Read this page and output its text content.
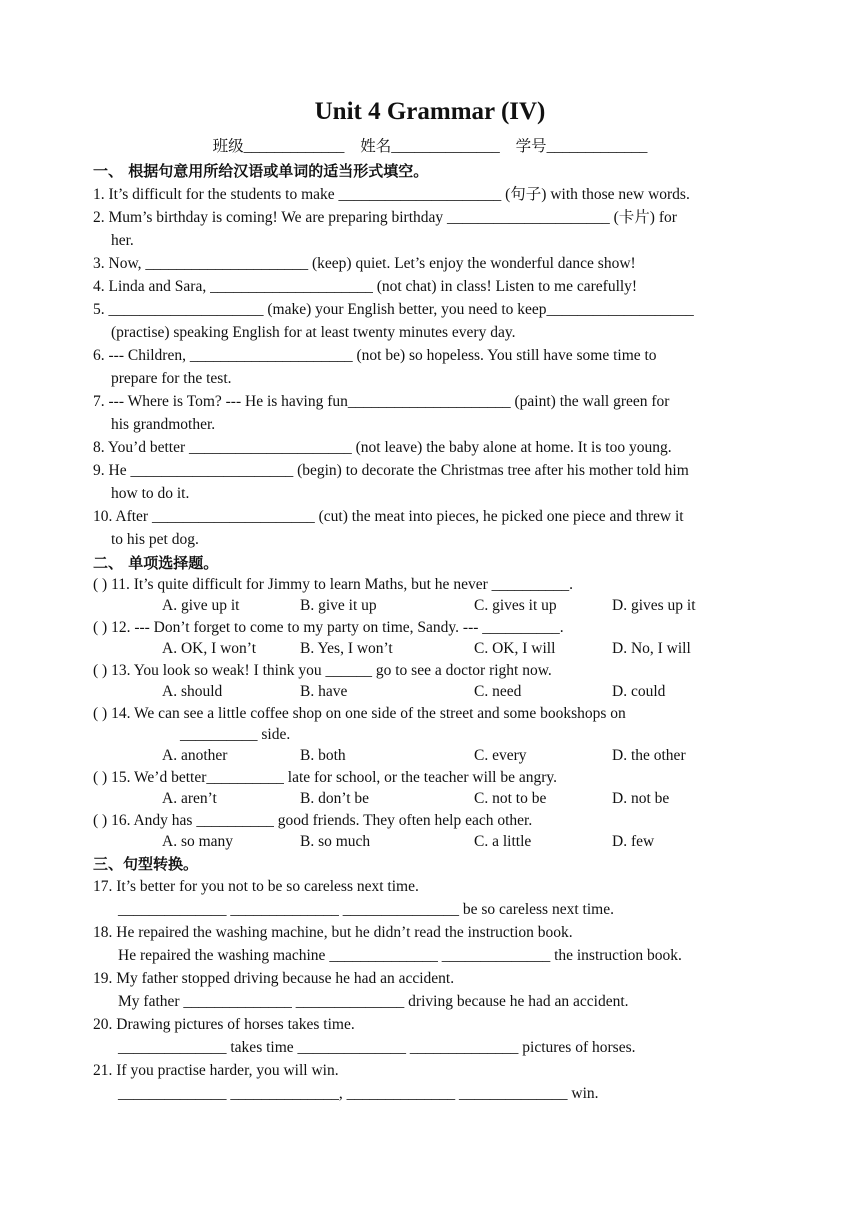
Unit 4 Grammar (IV)
班级_____________ 姓名______________ 学号_____________
一、 根据句意用所给汉语或单词的适当形式填空。
1. It’s difficult for the students to make _____________________ (句子) with those new words.
2. Mum’s birthday is coming! We are preparing birthday _____________________ (卡片) for
her.
3. Now, _____________________ (keep) quiet. Let’s enjoy the wonderful dance show!
4. Linda and Sara, _____________________ (not chat) in class! Listen to me carefully!
5. ____________________ (make) your English better, you need to keep___________________
(practise) speaking English for at least twenty minutes every day.
6. --- Children, _____________________ (not be) so hopeless. You still have some time to
prepare for the test.
7. --- Where is Tom? --- He is having fun_____________________ (paint) the wall green for
his grandmother.
8. You’d better _____________________ (not leave) the baby alone at home. It is too young.
9. He _____________________ (begin) to decorate the Christmas tree after his mother told him
how to do it.
10. After _____________________ (cut) the meat into pieces, he picked one piece and threw it
to his pet dog.
二、 单项选择题。
( ) 11. It’s quite difficult for Jimmy to learn Maths, but he never __________.
A. give up it	B. give it up	C. gives it up	D. gives up it
( ) 12. --- Don’t forget to come to my party on time, Sandy. --- __________.
A. OK, I won’t	B. Yes, I won’t	C. OK, I will	D. No, I will
( ) 13. You look so weak! I think you ______ go to see a doctor right now.
A. should	B. have	C. need	D. could
( ) 14. We can see a little coffee shop on one side of the street and some bookshops on
__________ side.
A. another	B. both	C. every	D. the other
( ) 15. We’d better__________ late for school, or the teacher will be angry.
A. aren’t	B. don’t be	C. not to be	D. not be
( ) 16. Andy has __________ good friends. They often help each other.
A. so many	B. so much	C. a little	D. few
三、句型转换。
17. It’s better for you not to be so careless next time.
______________ ______________ _______________ be so careless next time.
18. He repaired the washing machine, but he didn’t read the instruction book.
He repaired the washing machine ______________ ______________ the instruction book.
19. My father stopped driving because he had an accident.
My father ______________ ______________ driving because he had an accident.
20. Drawing pictures of horses takes time.
______________ takes time ______________ ______________ pictures of horses.
21. If you practise harder, you will win.
______________ ______________, ______________ ______________ win.
